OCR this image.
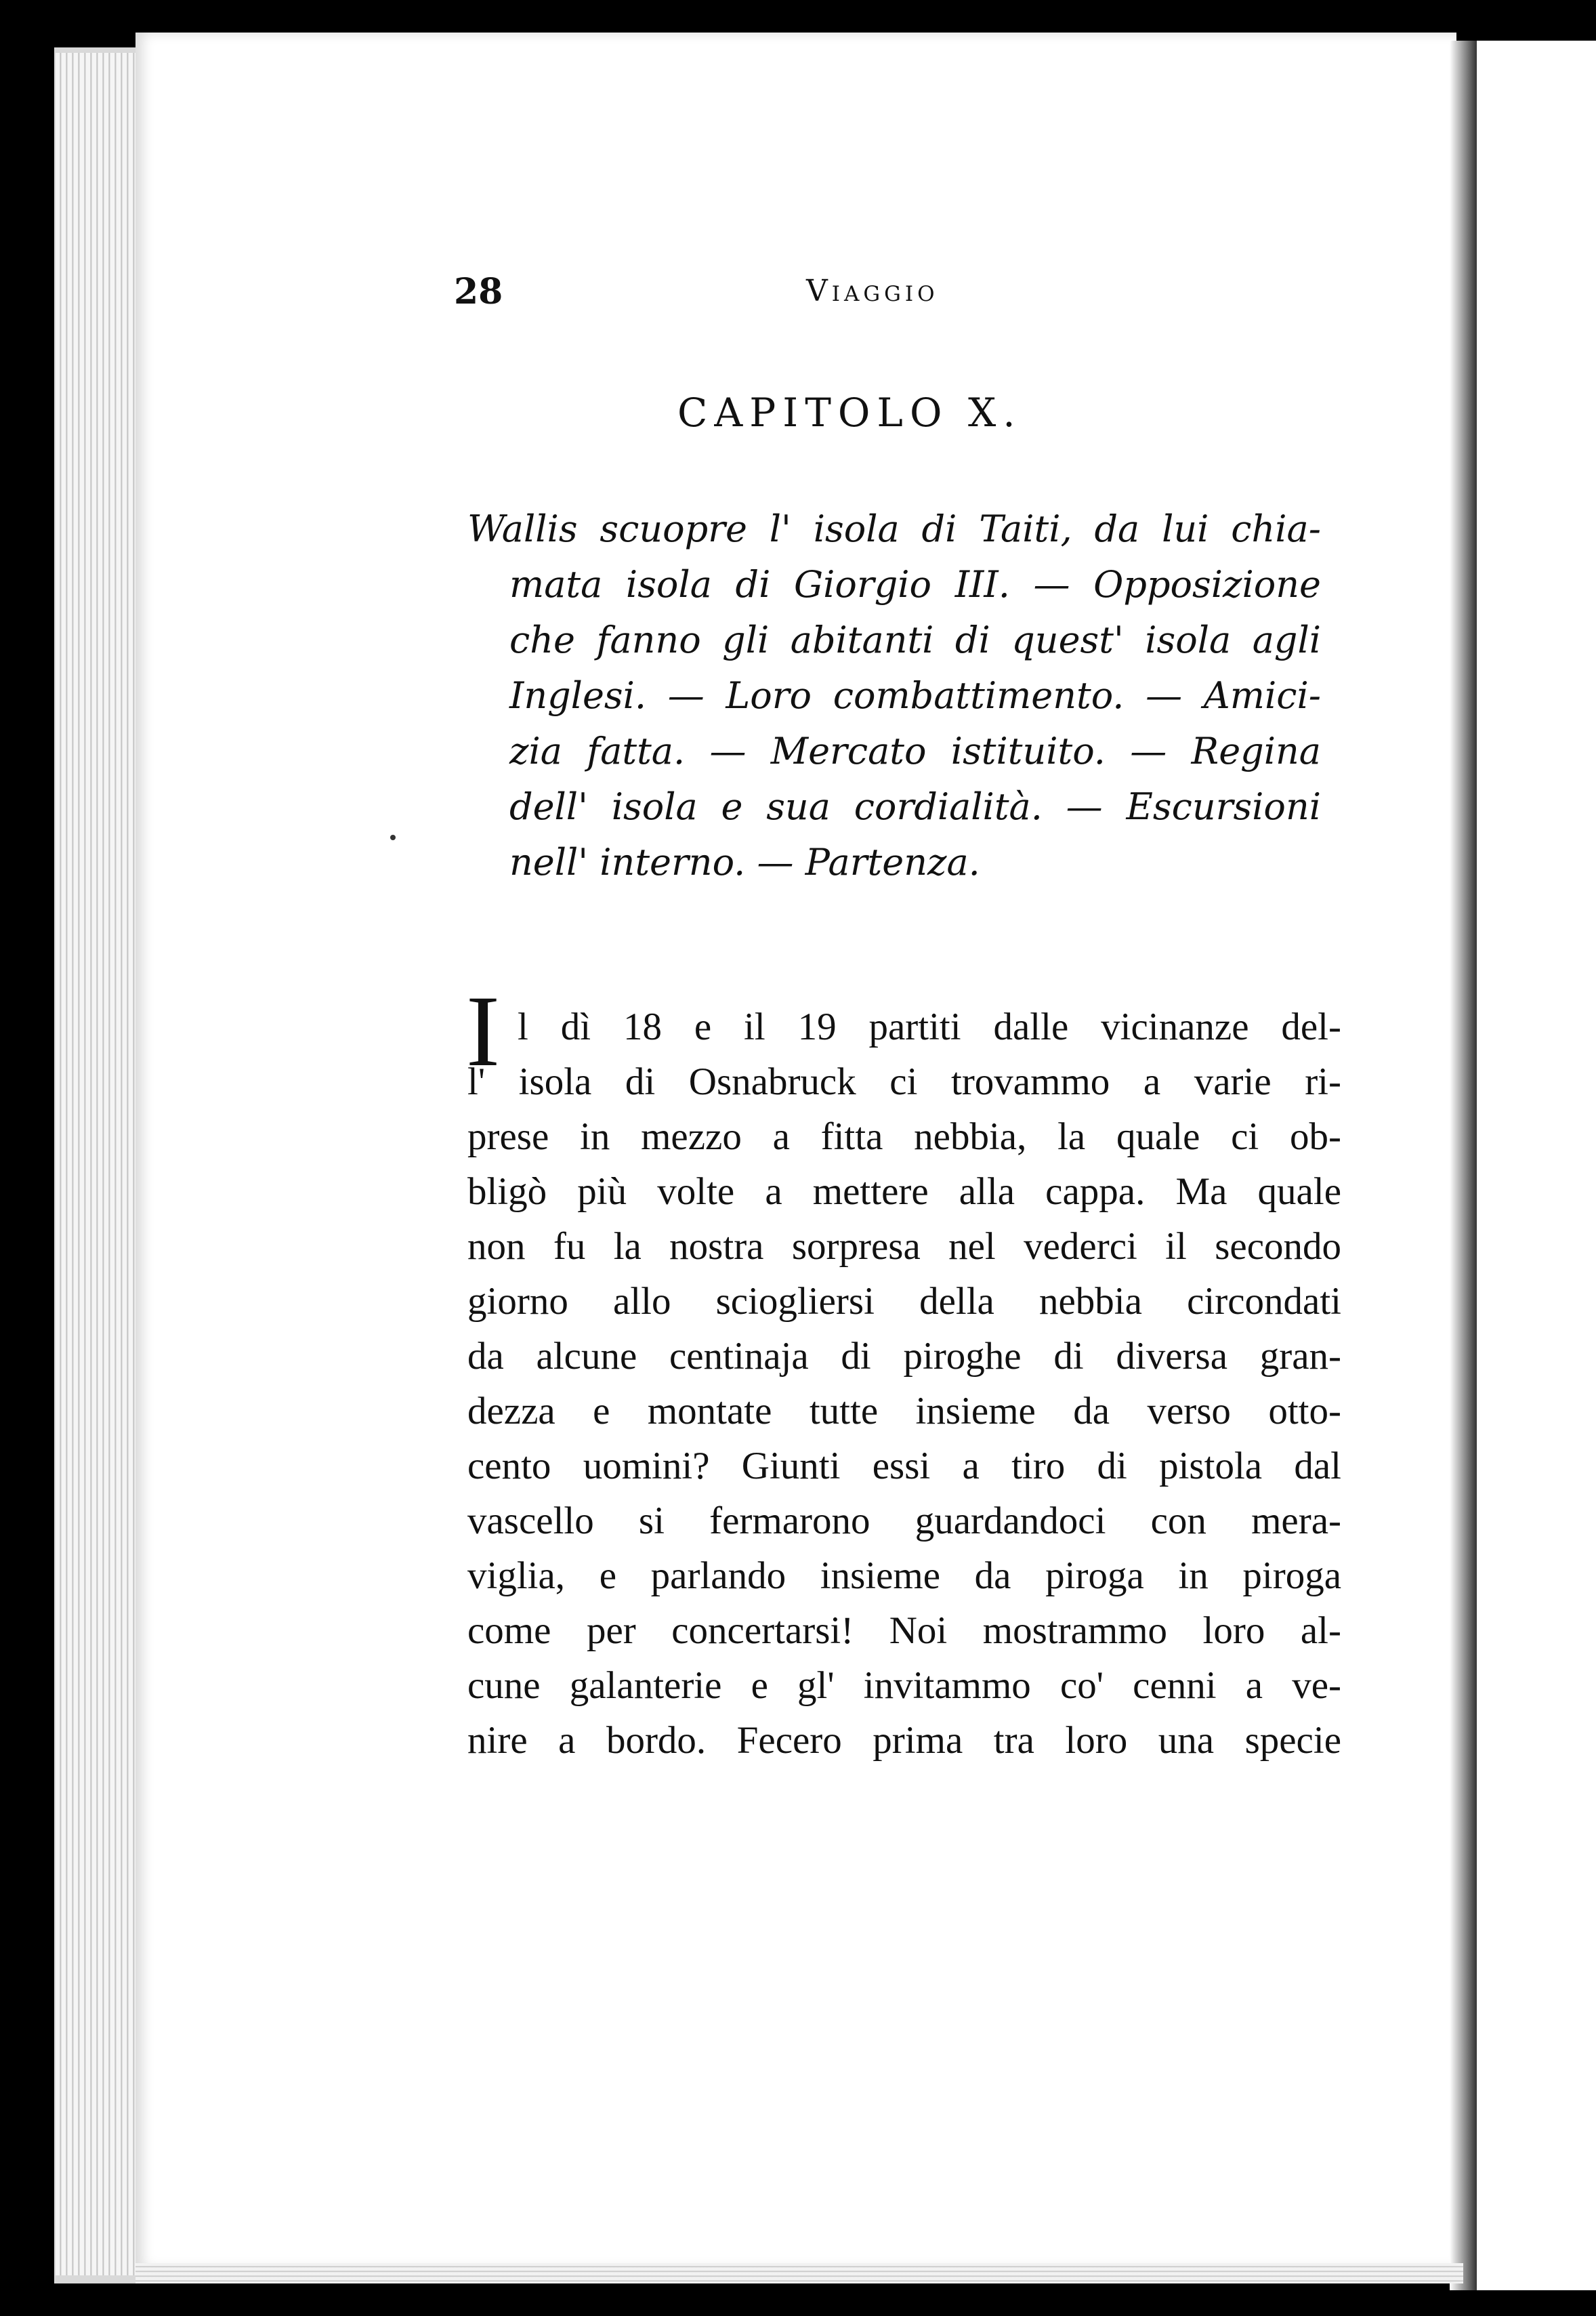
28	Viaggio
CAPITOLO X.
Wallis scuopre l' isola di Taiti, da lui chia-
mata isola di Giorgio III. — Opposizione
che fanno gli abitanti di quest' isola agli
Inglesi. — Loro combattimento. — Amici-
zia fatta. — Mercato istituito. — Regina
dell' isola e sua cordialità. — Escursioni
nell' interno. — Partenza.
I l dì 18 e il 19 partiti dalle vicinanze del-
l' isola di Osnabruck ci trovammo a varie ri-
prese in mezzo a fitta nebbia, la quale ci ob-
bligò più volte a mettere alla cappa. Ma quale
non fu la nostra sorpresa nel vederci il secondo
giorno allo sciogliersi della nebbia circondati
da alcune centinaja di piroghe di diversa gran-
dezza e montate tutte insieme da verso otto-
cento uomini? Giunti essi a tiro di pistola dal
vascello si fermarono guardandoci con mera-
viglia, e parlando insieme da piroga in piroga
come per concertarsi! Noi mostrammo loro al-
cune galanterie e gl' invitammo co' cenni a ve-
nire a bordo. Fecero prima tra loro una specie
